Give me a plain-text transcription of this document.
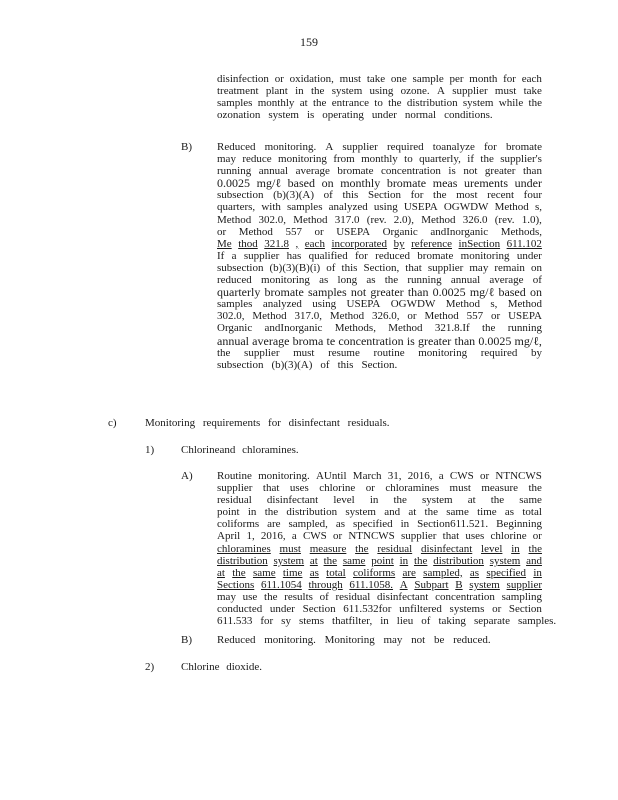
159
disinfection or oxidation, must take one sample per month for each
treatment plant in the system using ozone. A supplier must take
samples monthly at the entrance to the distribution system while the
ozonation system is operating under normal conditions.
B) Reduced monitoring. A supplier required toanalyze for bromate
may reduce monitoring from monthly to quarterly, if the supplier's
running annual average bromate concentration is not greater than
0.0025 mg/ℓ based on monthly bromate meas urements under
subsection (b)(3)(A) of this Section for the most recent four
quarters, with samples analyzed using USEPA OGWDW Method s,
Method 302.0, Method 317.0 (rev. 2.0), Method 326.0 (rev. 1.0),
or Method 557 or USEPA Organic andInorganic Methods,
Me thod 321.8 , each incorporated by reference inSection 611.102
If a supplier has qualified for reduced bromate monitoring under
subsection (b)(3)(B)(i) of this Section, that supplier may remain on
reduced monitoring as long as the running annual average of
quarterly bromate samples not greater than 0.0025 mg/ℓ based on
samples analyzed using USEPA OGWDW Method s, Method
302.0, Method 317.0, Method 326.0, or Method 557 or USEPA
Organic andInorganic Methods, Method 321.8.If the running
annual average broma te concentration is greater than 0.0025 mg/ℓ,
the supplier must resume routine monitoring required by
subsection (b)(3)(A) of this Section.
c)	Monitoring requirements for disinfectant residuals.
1) Chlorineand chloramines.
A) Routine monitoring. AUntil March 31, 2016, a CWS or NTNCWS
supplier that uses chlorine or chloramines must measure the
residual disinfectant level in the system at the same
point in the distribution system and at the same time as total
coliforms are sampled, as specified in Section611.521. Beginning
April 1, 2016, a CWS or NTNCWS supplier that uses chlorine or
chloramines must measure the residual disinfectant level in the
distribution system at the same point in the distribution system and
at the same time as total coliforms are sampled, as specified in
Sections 611.1054 through 611.1058. A Subpart B system supplier
may use the results of residual disinfectant concentration sampling
conducted under Section 611.532for unfiltered systems or Section
611.533 for sy stems thatfilter, in lieu of taking separate samples.
B) Reduced monitoring. Monitoring may not be reduced.
2) Chlorine dioxide.
